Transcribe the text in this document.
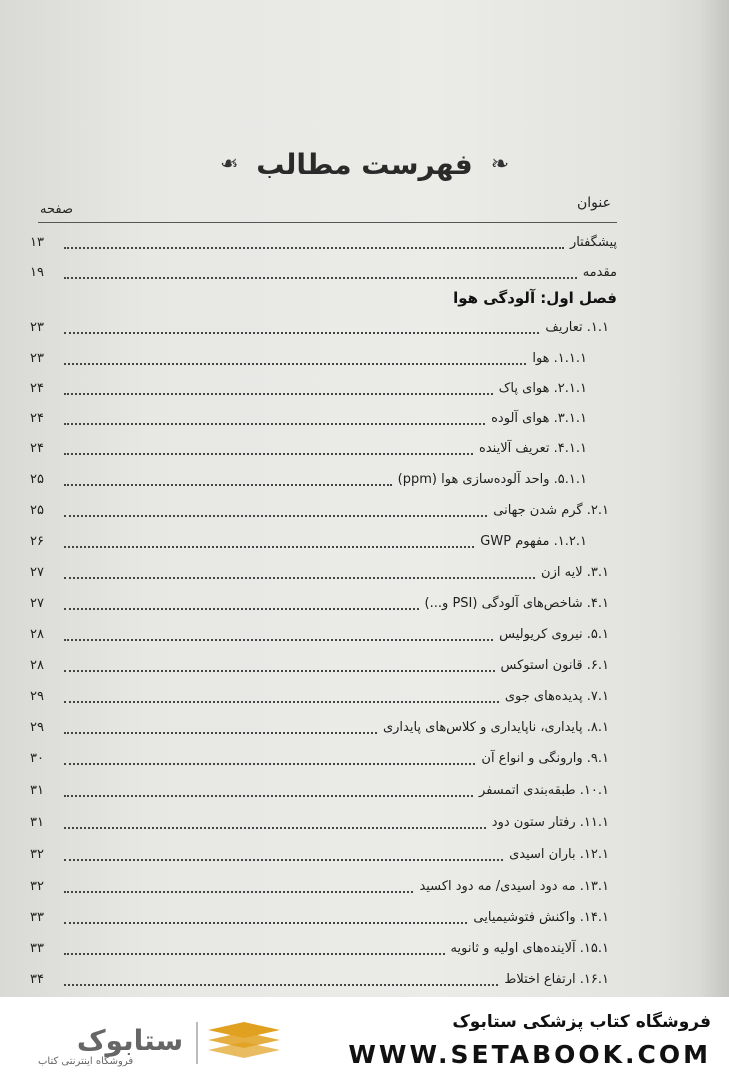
❧
فهرست مطالب
❧
عنوان
صفحه
پیشگفتار
۱۳
مقدمه
۱۹
فصل اول: آلودگی هوا
۱.۱. تعاریف
۲۳
۱.۱.۱. هوا
۲۳
۲.۱.۱. هوای پاک
۲۴
۳.۱.۱. هوای آلوده
۲۴
۴.۱.۱. تعریف آلاینده
۲۴
۵.۱.۱. واحد آلوده‌سازی هوا (ppm)
۲۵
۲.۱. گرم شدن جهانی
۲۵
۱.۲.۱. مفهوم GWP
۲۶
۳.۱. لایه ازن
۲۷
۴.۱. شاخص‌های آلودگی (PSI و...)
۲۷
۵.۱. نیروی کریولیس
۲۸
۶.۱. قانون استوکس
۲۸
۷.۱. پدیده‌های جوی
۲۹
۸.۱. پایداری، ناپایداری و کلاس‌های پایداری
۲۹
۹.۱. وارونگی و انواع آن
۳۰
۱۰.۱. طبقه‌بندی اتمسفر
۳۱
۱۱.۱. رفتار ستون دود
۳۱
۱۲.۱. باران اسیدی
۳۲
۱۳.۱. مه دود اسیدی/ مه دود اکسید
۳۲
۱۴.۱. واکنش فتوشیمیایی
۳۳
۱۵.۱. آلاینده‌های اولیه و ثانویه
۳۳
۱۶.۱. ارتفاع اختلاط
۳۴
ستابوک
فروشگاه اینترنتی کتاب
فروشگاه کتاب پزشکی ستابوک
WWW.SETABOOK.COM
